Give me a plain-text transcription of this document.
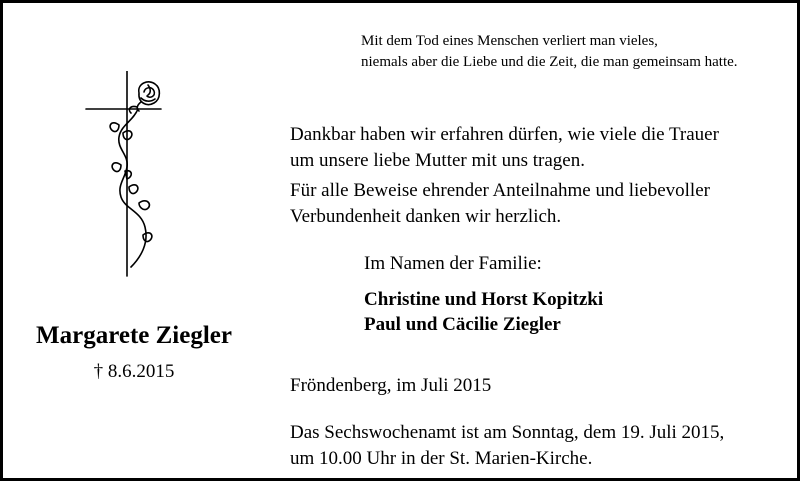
Mit dem Tod eines Menschen verliert man vieles,
niemals aber die Liebe und die Zeit, die man gemeinsam hatte.
Margarete Ziegler
† 8.6.2015
Dankbar haben wir erfahren dürfen, wie viele die Trauer
um unsere liebe Mutter mit uns tragen.
Für alle Beweise ehrender Anteilnahme und liebevoller
Verbundenheit danken wir herzlich.
Im Namen der Familie:
Christine und Horst Kopitzki
Paul und Cäcilie Ziegler
Fröndenberg, im Juli 2015
Das Sechswochenamt ist am Sonntag, dem 19. Juli 2015,
um 10.00 Uhr in der St. Marien-Kirche.
